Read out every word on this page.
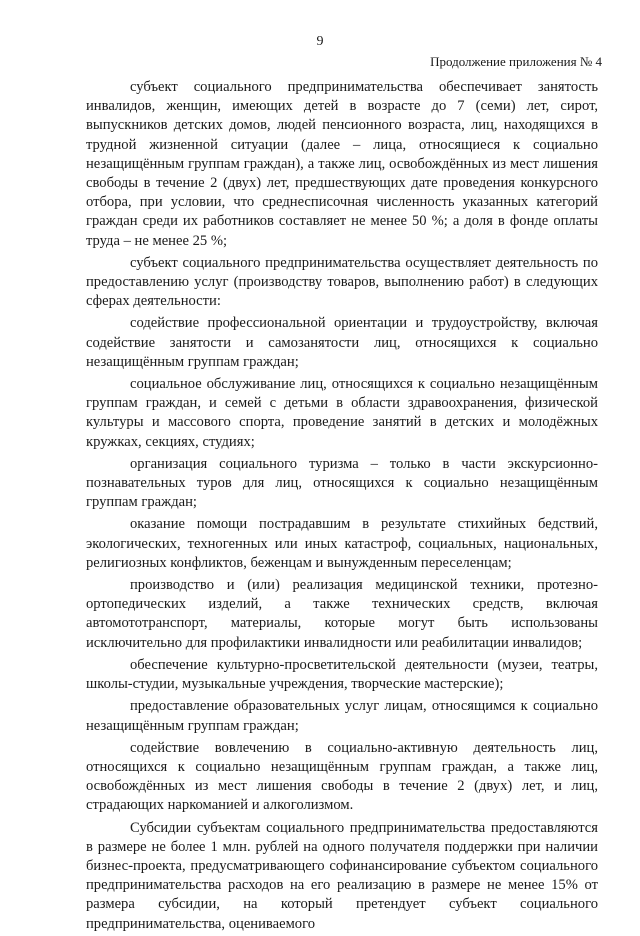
9
Продолжение приложения № 4

субъект социального предпринимательства обеспечивает занятость инвалидов, женщин, имеющих детей в возрасте до 7 (семи) лет, сирот, выпускников детских домов, людей пенсионного возраста, лиц, находящихся в трудной жизненной ситуации (далее – лица, относящиеся к социально незащищённым группам граждан), а также лиц, освобождённых из мест лишения свободы в течение 2 (двух) лет, предшествующих дате проведения конкурсного отбора, при условии, что среднесписочная численность указанных категорий граждан среди их работников составляет не менее 50 %; а доля в фонде оплаты труда – не менее 25 %;

субъект социального предпринимательства осуществляет деятельность по предоставлению услуг (производству товаров, выполнению работ) в следующих сферах деятельности:

содействие профессиональной ориентации и трудоустройству, включая содействие занятости и самозанятости лиц, относящихся к социально незащищённым группам граждан;

социальное обслуживание лиц, относящихся к социально незащищённым группам граждан, и семей с детьми в области здравоохранения, физической культуры и массового спорта, проведение занятий в детских и молодёжных кружках, секциях, студиях;

организация социального туризма – только в части экскурсионно-познавательных туров для лиц, относящихся к социально незащищённым группам граждан;

оказание помощи пострадавшим в результате стихийных бедствий, экологических, техногенных или иных катастроф, социальных, национальных, религиозных конфликтов, беженцам и вынужденным переселенцам;

производство и (или) реализация медицинской техники, протезно-ортопедических изделий, а также технических средств, включая автомототранспорт, материалы, которые могут быть использованы исключительно для профилактики инвалидности или реабилитации инвалидов;

обеспечение культурно-просветительской деятельности (музеи, театры, школы-студии, музыкальные учреждения, творческие мастерские);

предоставление образовательных услуг лицам, относящимся к социально незащищённым группам граждан;

содействие вовлечению в социально-активную деятельность лиц, относящихся к социально незащищённым группам граждан, а также лиц, освобождённых из мест лишения свободы в течение 2 (двух) лет, и лиц, страдающих наркоманией и алкоголизмом.

Субсидии субъектам социального предпринимательства предоставляются в размере не более 1 млн. рублей на одного получателя поддержки при наличии бизнес-проекта, предусматривающего софинансирование субъектом социального предпринимательства расходов на его реализацию в размере не менее 15% от размера субсидии, на который претендует субъект социального предпринимательства, оцениваемого
